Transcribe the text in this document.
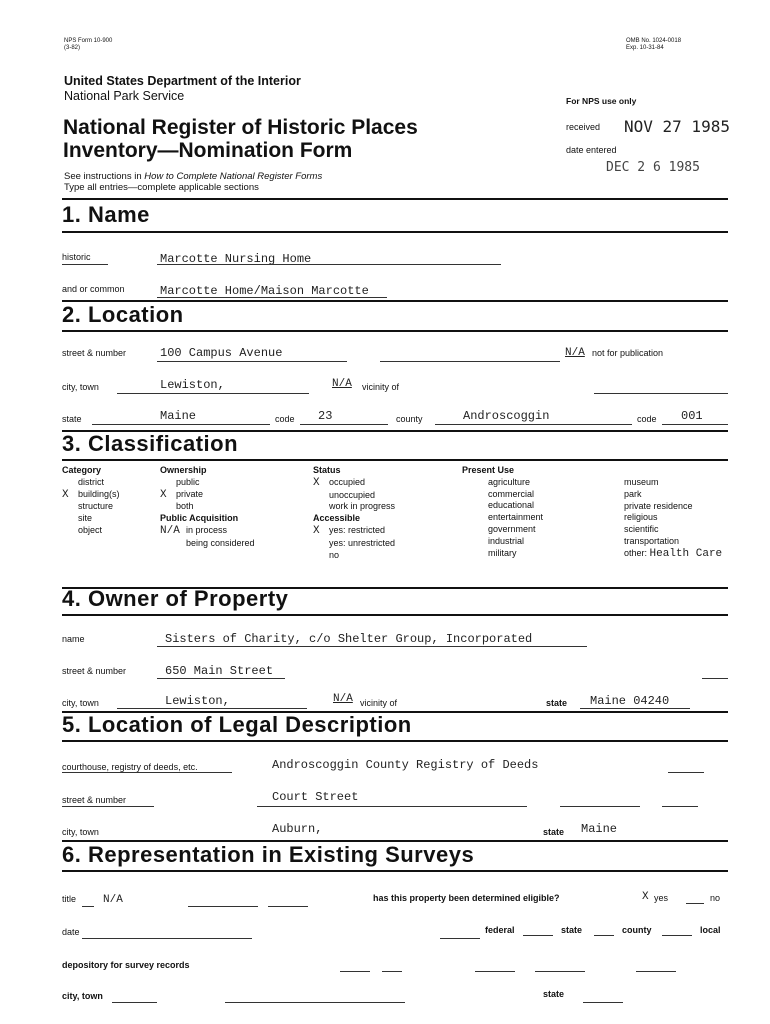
NPS Form 10-900
(3-82)
OMB No. 1024-0018
Exp. 10-31-84
United States Department of the Interior
National Park Service
National Register of Historic Places
Inventory—Nomination Form
See instructions in How to Complete National Register Forms
Type all entries—complete applicable sections
For NPS use only
received NOV 27 1985
date entered
DEC 2 6 1985
1. Name
historic	Marcotte Nursing Home
and or common	Marcotte Home/Maison Marcotte
2. Location
street & number	100 Campus Avenue	N/A not for publication
city, town	Lewiston,	N/A vicinity of
state	Maine	code 23	county	Androscoggin	code 001
3. Classification
Category
district
X building(s)
structure
site
object
Ownership
public
X private
both
Public Acquisition
N/A in process
being considered
Status
X occupied
unoccupied
work in progress
Accessible
X yes: restricted
yes: unrestricted
no
Present Use
agriculture
commercial
educational
entertainment
government
industrial
military
museum
park
private residence
religious
scientific
transportation
other: Health Care
4. Owner of Property
name	Sisters of Charity, c/o Shelter Group, Incorporated
street & number	650 Main Street
city, town	Lewiston,	N/A vicinity of	state Maine 04240
5. Location of Legal Description
courthouse, registry of deeds, etc.	Androscoggin County Registry of Deeds
street & number	Court Street
city, town	Auburn,	state Maine
6. Representation in Existing Surveys
title N/A	has this property been determined eligible?	X yes	no
date	federal	state	county	local
depository for survey records
city, town	state
